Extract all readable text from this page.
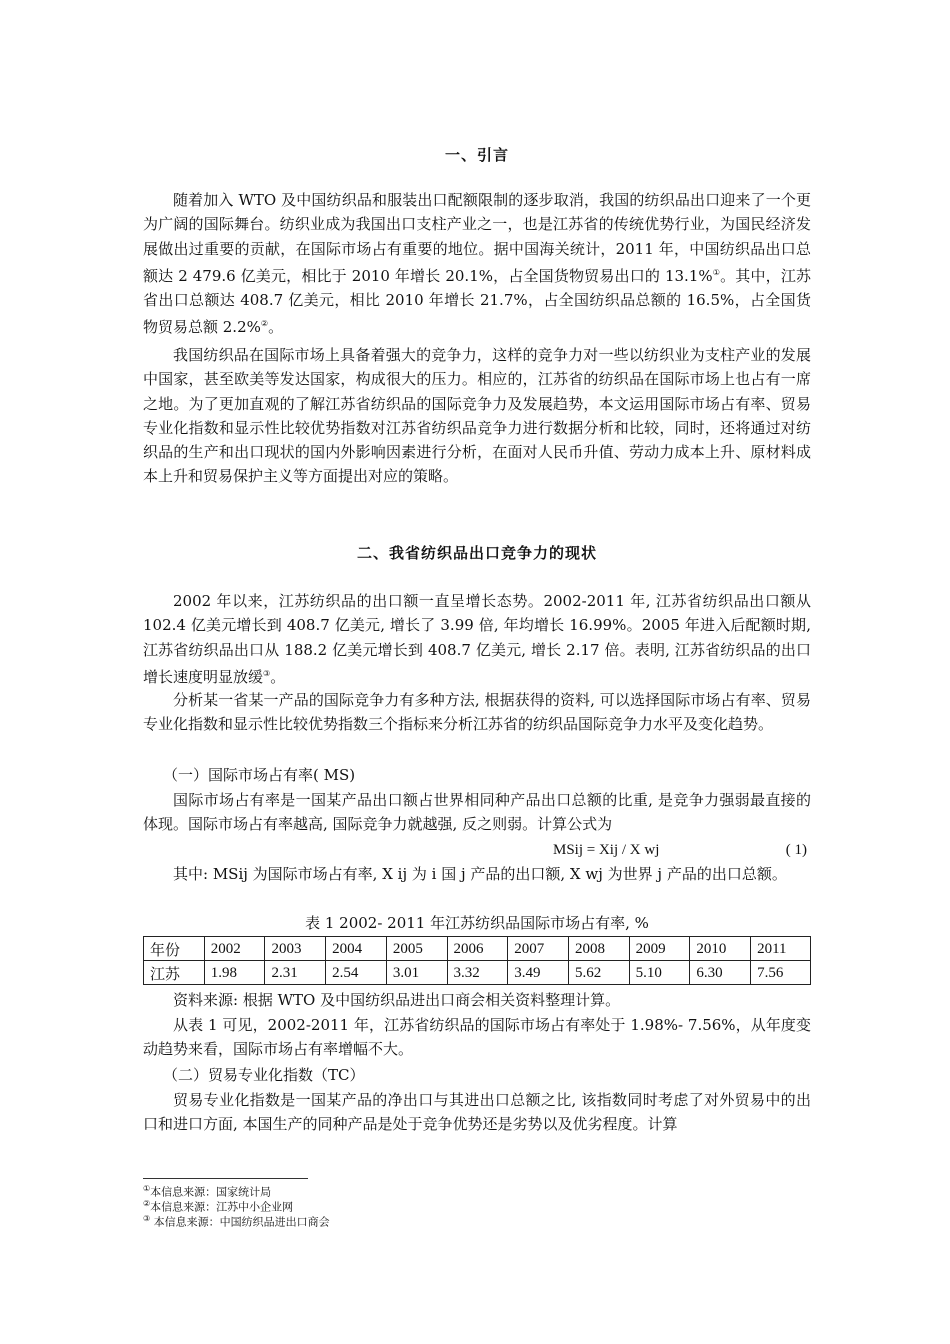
一、引言

随着加入 WTO 及中国纺织品和服装出口配额限制的逐步取消，我国的纺织品出口迎来了一个更为广阔的国际舞台。纺织业成为我国出口支柱产业之一，也是江苏省的传统优势行业，为国民经济发展做出过重要的贡献，在国际市场占有重要的地位。据中国海关统计，2011 年，中国纺织品出口总额达 2 479.6 亿美元，相比于 2010 年增长 20.1%，占全国货物贸易出口的 13.1%①。其中，江苏省出口总额达 408.7 亿美元，相比 2010 年增长 21.7%，占全国纺织品总额的 16.5%，占全国货物贸易总额 2.2%②。

我国纺织品在国际市场上具备着强大的竞争力，这样的竞争力对一些以纺织业为支柱产业的发展中国家，甚至欧美等发达国家，构成很大的压力。相应的，江苏省的纺织品在国际市场上也占有一席之地。为了更加直观的了解江苏省纺织品的国际竞争力及发展趋势，本文运用国际市场占有率、贸易专业化指数和显示性比较优势指数对江苏省纺织品竞争力进行数据分析和比较，同时，还将通过对纺织品的生产和出口现状的国内外影响因素进行分析，在面对人民币升值、劳动力成本上升、原材料成本上升和贸易保护主义等方面提出对应的策略。

二、我省纺织品出口竞争力的现状

2002 年以来，江苏纺织品的出口额一直呈增长态势。2002-2011 年, 江苏省纺织品出口额从 102.4 亿美元增长到 408.7 亿美元, 增长了 3.99 倍, 年均增长 16.99%。2005 年进入后配额时期, 江苏省纺织品出口从 188.2 亿美元增长到 408.7 亿美元, 增长 2.17 倍。表明, 江苏省纺织品的出口增长速度明显放缓③。

分析某一省某一产品的国际竞争力有多种方法, 根据获得的资料, 可以选择国际市场占有率、贸易专业化指数和显示性比较优势指数三个指标来分析江苏省的纺织品国际竞争力水平及变化趋势。

（一）国际市场占有率( MS)

国际市场占有率是一国某产品出口额占世界相同种产品出口总额的比重, 是竞争力强弱最直接的体现。国际市场占有率越高, 国际竞争力就越强, 反之则弱。计算公式为

MSij = Xij / X wj	( 1)

其中: MSij 为国际市场占有率, X ij 为 i 国 j 产品的出口额, X wj 为世界 j 产品的出口总额。

表 1 2002- 2011 年江苏纺织品国际市场占有率, %
年份	2002	2003	2004	2005	2006	2007	2008	2009	2010	2011
江苏	1.98	2.31	2.54	3.01	3.32	3.49	5.62	5.10	6.30	7.56
资料来源: 根据 WTO 及中国纺织品进出口商会相关资料整理计算。

从表 1 可见，2002-2011 年，江苏省纺织品的国际市场占有率处于 1.98%- 7.56%，从年度变动趋势来看，国际市场占有率增幅不大。

（二）贸易专业化指数（TC）

贸易专业化指数是一国某产品的净出口与其进出口总额之比, 该指数同时考虑了对外贸易中的出口和进口方面, 本国生产的同种产品是处于竞争优势还是劣势以及优劣程度。计算

①本信息来源：国家统计局
②本信息来源：江苏中小企业网
③ 本信息来源：中国纺织品进出口商会
